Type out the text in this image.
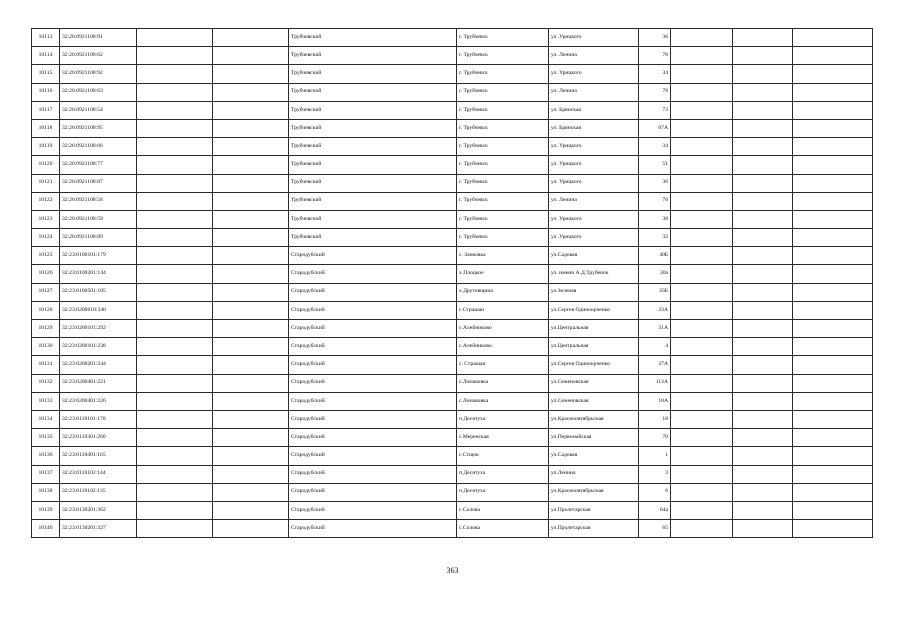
10113	32:26:0921108:91			Трубчевский	г. Трубчевск	ул. Урицкого	36			
10114	32:26:0921108:62			Трубчевский	г. Трубчевск	ул. Ленина	78			
10115	32:26:0921108:92			Трубчевский	г. Трубчевск	ул. Урицкого	34			
10116	32:26:0921108:63			Трубчевский	г. Трубчевск	ул. Ленина	78			
10117	32:26:0921108:54			Трубчевский	г. Трубчевск	ул. Брянская	73			
10118	32:26:0921108:95			Трубчевский	г. Трубчевск	ул. Брянская	67А			
10119	32:26:0921108:66			Трубчевский	г. Трубчевск	ул. Урицкого	34			
10120	32:26:0921108:77			Трубчевский	г. Трубчевск	ул. Урицкого	51			
10121	32:26:0921108:87			Трубчевский	г. Трубчевск	ул. Урицкого	36			
10122	32:26:0921108:58			Трубчевский	г. Трубчевск	ул. Ленина	78			
10123	32:26:0921108:59			Трубчевский	г. Трубчевск	ул. Урицкого	38			
10124	32:26:0921108:89			Трубчевский	г. Трубчевск	ул. Урицкого	32			
10125	32:23:0100101:179			Стародубский	с. Занковка	ул.Садовая	40Б			
10126	32:23:0100201:144			Стародубский	х.Плоцкое	ул. имени А.Д.Трубенок	30а			
10127	32:23:0100501:105			Стародубский	х.Друговщина	ул.Зеленая	33Б			
10128	32:23:0200610:340			Стародубский	с.Страшаи	ул.Сергея Одинокрченко	33А			
10129	32:23:0200101:292			Стародубский	с.Алейниково	ул.Центральная	31А			
10130	32:23:0200101:238			Стародубский	с.Алейниково	ул.Центральная	4			
10131	32:23:0200201:244			Стародубский	с. Страшаи	ул.Сергея Одинокрченко	27А			
10132	32:23:0200401:221			Стародубский	с.Ломаковка	ул.Семеновская	113А			
10133	32:23:0200401:226			Стародубский	с.Ломаковка	ул.Семеновская	18А			
10134	32:23:0110101:178			Стародубский	п.Десятуха	ул.Красноовтябрьская	18			
10135	32:23:0110301:260			Стародубский	с.Меренская	ул.Первомайская	70			
10136	32:23:0110401:165			Стародубский	с.Стщок	ул.Садовая	1			
10137	32:23:0110102:144			Стародубский	п.Десятуха	ул.Ленина	3			
10138	32:23:0110102:135			Стародубский	п.Десятуха	ул.Красноовтябрьская	6			
10139	32:23:0130201:362			Стародубский	с.Солова	ул.Пролетарская	64а			
10140	32:23:0130201:327			Стародубский	с.Солова	ул.Пролетарская	65			
363
